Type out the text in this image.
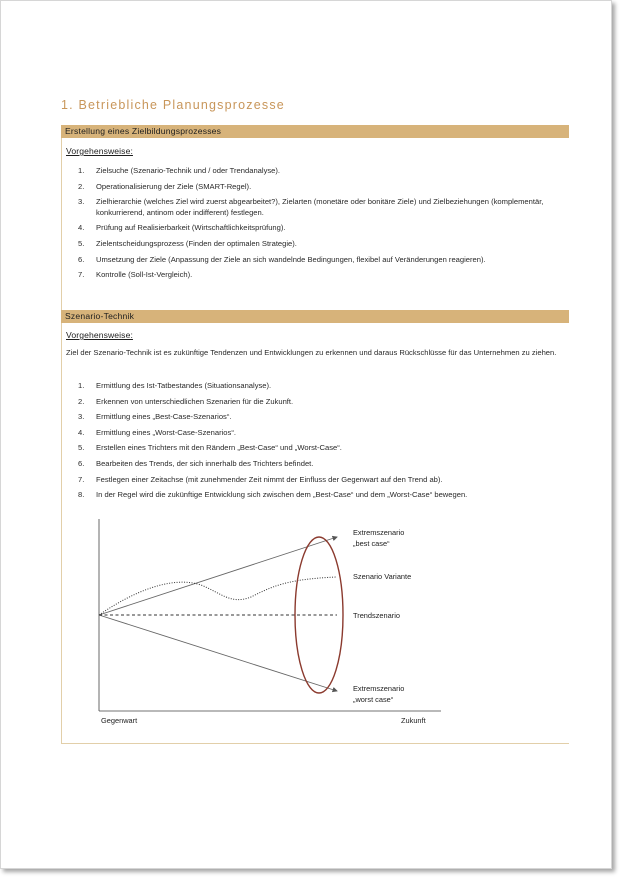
1. Betriebliche Planungsprozesse
Erstellung eines Zielbildungsprozesses
Vorgehensweise:
1. Zielsuche (Szenario-Technik und / oder Trendanalyse).
2. Operationalisierung der Ziele (SMART-Regel).
3. Zielhierarchie (welches Ziel wird zuerst abgearbeitet?), Zielarten (monetäre oder bonitäre Ziele) und Zielbeziehungen (komplementär, konkurrierend, antinom oder indifferent) festlegen.
4. Prüfung auf Realisierbarkeit (Wirtschaftlichkeitsprüfung).
5. Zielentscheidungsprozess (Finden der optimalen Strategie).
6. Umsetzung der Ziele (Anpassung der Ziele an sich wandelnde Bedingungen, flexibel auf Veränderungen reagieren).
7. Kontrolle (Soll-Ist-Vergleich).
Szenario-Technik
Vorgehensweise:

Ziel der Szenario-Technik ist es zukünftige Tendenzen und Entwicklungen zu erkennen und daraus Rückschlüsse für das Unternehmen zu ziehen.

1. Ermittlung des Ist-Tatbestandes (Situationsanalyse).
2. Erkennen von unterschiedlichen Szenarien für die Zukunft.
3. Ermittlung eines „Best-Case-Szenarios“.
4. Ermittlung eines „Worst-Case-Szenarios“.
5. Erstellen eines Trichters mit den Rändern „Best-Case“ und „Worst-Case“.
6. Bearbeiten des Trends, der sich innerhalb des Trichters befindet.
7. Festlegen einer Zeitachse (mit zunehmender Zeit nimmt der Einfluss der Gegenwart auf den Trend ab).
8. In der Regel wird die zukünftige Entwicklung sich zwischen dem „Best-Case“ und dem „Worst-Case“ bewegen.
Extremszenario
„best case“
Szenario Variante
Trendszenario
Extremszenario
„worst case“
Gegenwart	Zukunft
